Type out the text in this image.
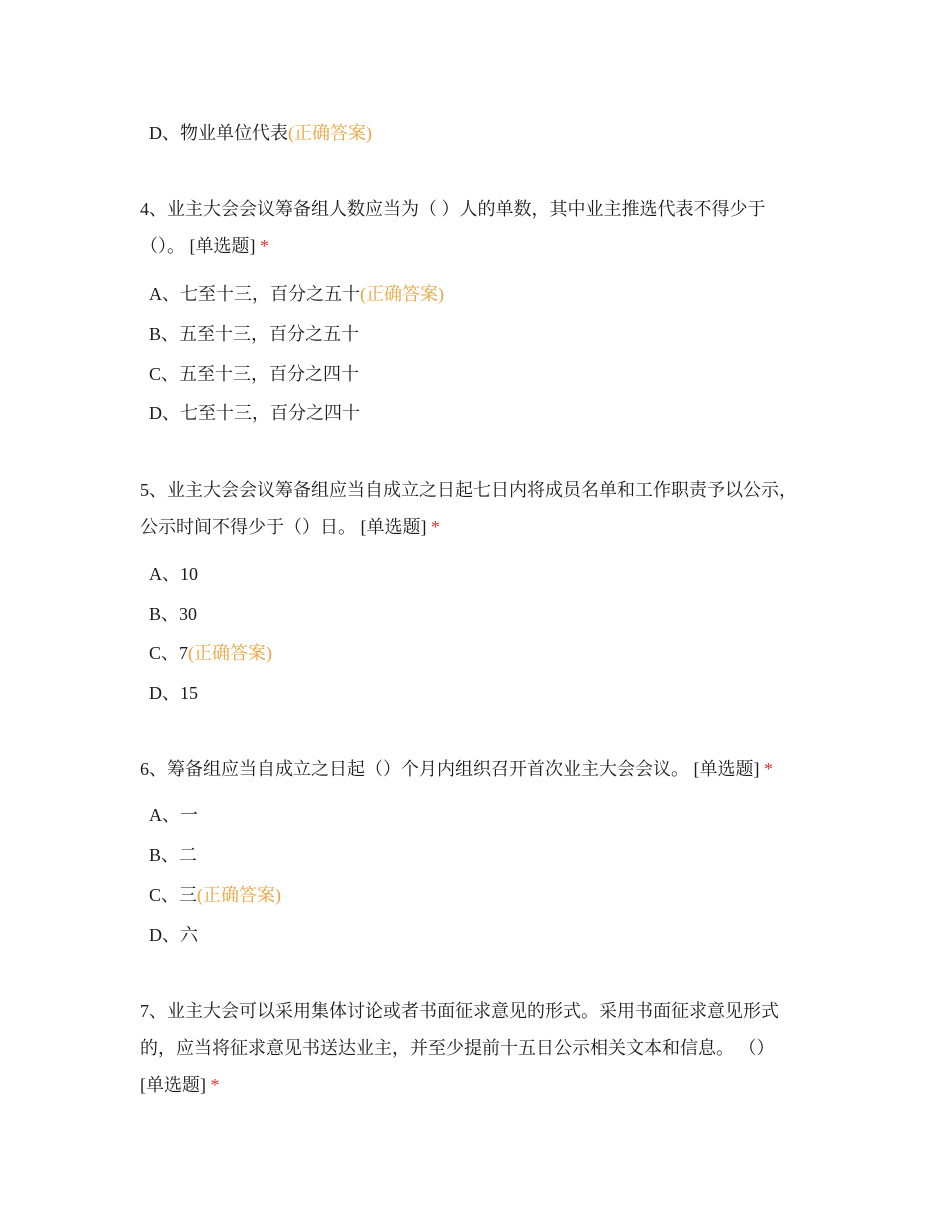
D、物业单位代表(正确答案)
4、业主大会会议筹备组人数应当为（ ）人的单数，其中业主推选代表不得少于（）。 [单选题] *
A、七至十三，百分之五十(正确答案)
B、五至十三，百分之五十
C、五至十三，百分之四十
D、七至十三，百分之四十
5、业主大会会议筹备组应当自成立之日起七日内将成员名单和工作职责予以公示，公示时间不得少于（）日。 [单选题] *
A、10
B、30
C、7(正确答案)
D、15
6、筹备组应当自成立之日起（）个月内组织召开首次业主大会会议。 [单选题] *
A、一
B、二
C、三(正确答案)
D、六
7、业主大会可以采用集体讨论或者书面征求意见的形式。采用书面征求意见形式的，应当将征求意见书送达业主，并至少提前十五日公示相关文本和信息。 （）
[单选题] *
